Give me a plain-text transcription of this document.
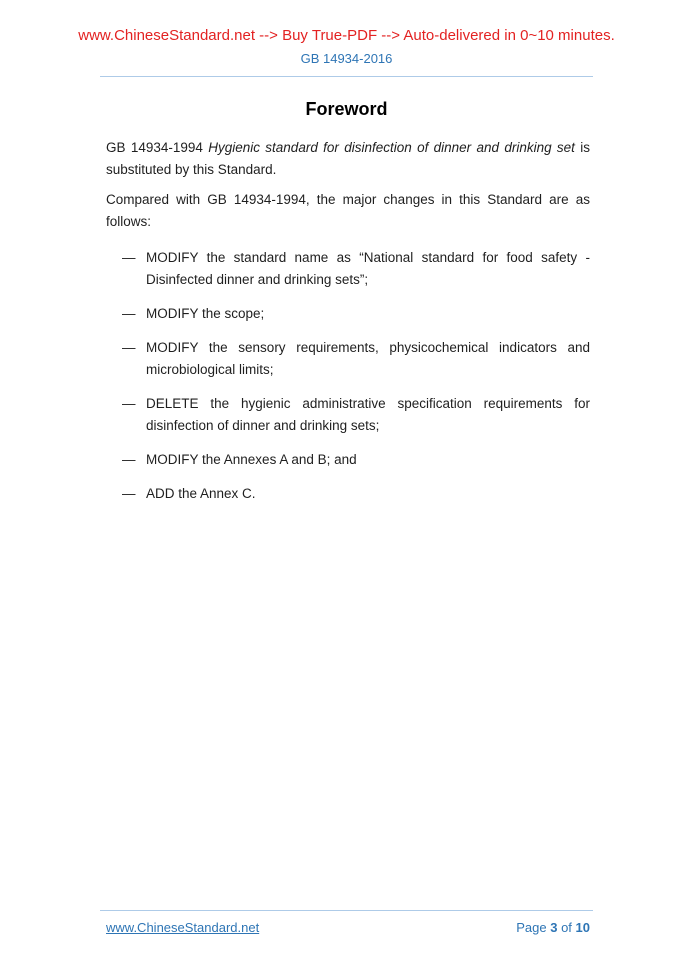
www.ChineseStandard.net --> Buy True-PDF --> Auto-delivered in 0~10 minutes.
GB 14934-2016
Foreword

GB 14934-1994 Hygienic standard for disinfection of dinner and drinking set is substituted by this Standard.

Compared with GB 14934-1994, the major changes in this Standard are as follows:

— MODIFY the standard name as “National standard for food safety - Disinfected dinner and drinking sets”;
— MODIFY the scope;
— MODIFY the sensory requirements, physicochemical indicators and microbiological limits;
— DELETE the hygienic administrative specification requirements for disinfection of dinner and drinking sets;
— MODIFY the Annexes A and B; and
— ADD the Annex C.
www.ChineseStandard.net	Page 3 of 10
